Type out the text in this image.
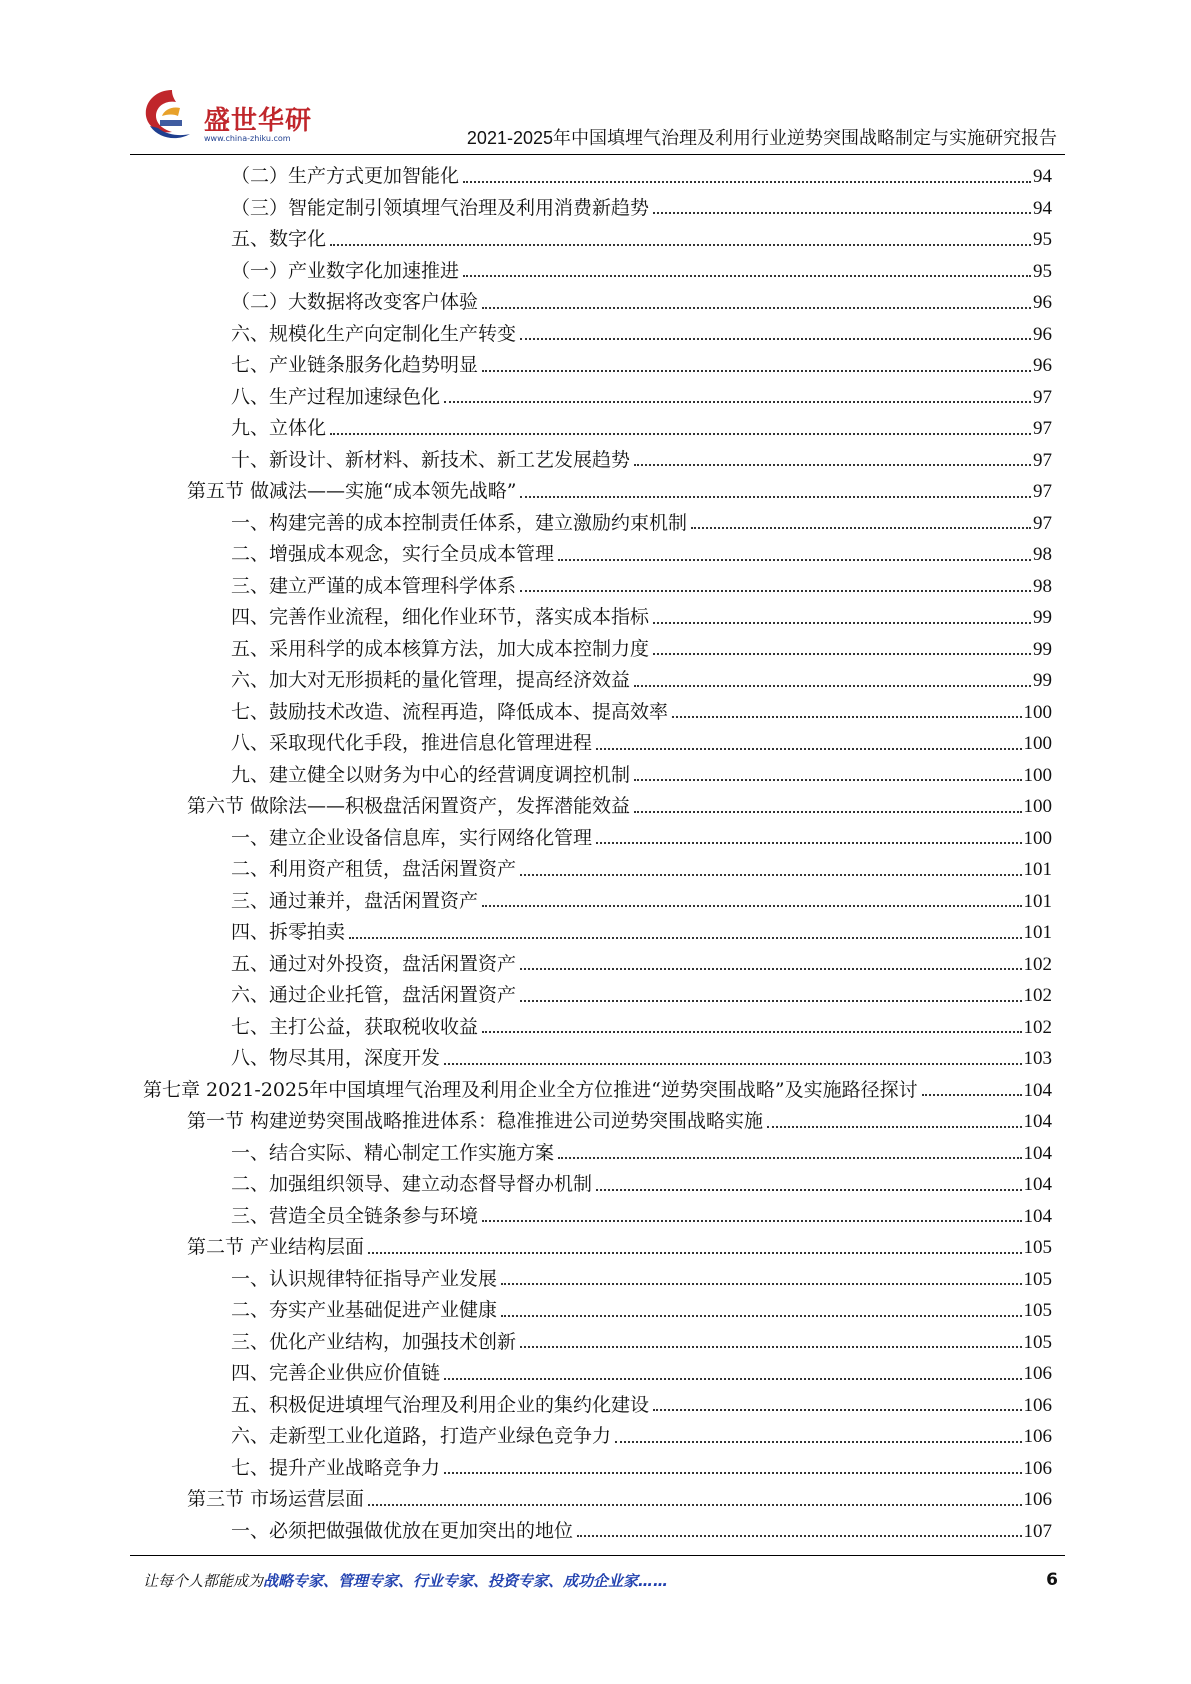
盛世华研
www.china-zhiku.com	2021-2025年中国填埋气治理及利用行业逆势突围战略制定与实施研究报告
（二）生产方式更加智能化	94
（三）智能定制引领填埋气治理及利用消费新趋势	94
五、数字化	95
（一）产业数字化加速推进	95
（二）大数据将改变客户体验	96
六、规模化生产向定制化生产转变	96
七、产业链条服务化趋势明显	96
八、生产过程加速绿色化	97
九、立体化	97
十、新设计、新材料、新技术、新工艺发展趋势	97
第五节 做减法——实施“成本领先战略”	97
一、构建完善的成本控制责任体系，建立激励约束机制	97
二、增强成本观念，实行全员成本管理	98
三、建立严谨的成本管理科学体系	98
四、完善作业流程，细化作业环节，落实成本指标	99
五、采用科学的成本核算方法，加大成本控制力度	99
六、加大对无形损耗的量化管理，提高经济效益	99
七、鼓励技术改造、流程再造，降低成本、提高效率	100
八、采取现代化手段，推进信息化管理进程	100
九、建立健全以财务为中心的经营调度调控机制	100
第六节 做除法——积极盘活闲置资产，发挥潜能效益	100
一、建立企业设备信息库，实行网络化管理	100
二、利用资产租赁，盘活闲置资产	101
三、通过兼并，盘活闲置资产	101
四、拆零拍卖	101
五、通过对外投资，盘活闲置资产	102
六、通过企业托管，盘活闲置资产	102
七、主打公益，获取税收收益	102
八、物尽其用，深度开发	103
第七章 2021-2025年中国填埋气治理及利用企业全方位推进“逆势突围战略”及实施路径探讨	104
第一节 构建逆势突围战略推进体系：稳准推进公司逆势突围战略实施	104
一、结合实际、精心制定工作实施方案	104
二、加强组织领导、建立动态督导督办机制	104
三、营造全员全链条参与环境	104
第二节 产业结构层面	105
一、认识规律特征指导产业发展	105
二、夯实产业基础促进产业健康	105
三、优化产业结构，加强技术创新	105
四、完善企业供应价值链	106
五、积极促进填埋气治理及利用企业的集约化建设	106
六、走新型工业化道路，打造产业绿色竞争力	106
七、提升产业战略竞争力	106
第三节 市场运营层面	106
一、必须把做强做优放在更加突出的地位	107
让每个人都能成为战略专家、管理专家、行业专家、投资专家、成功企业家……	6
